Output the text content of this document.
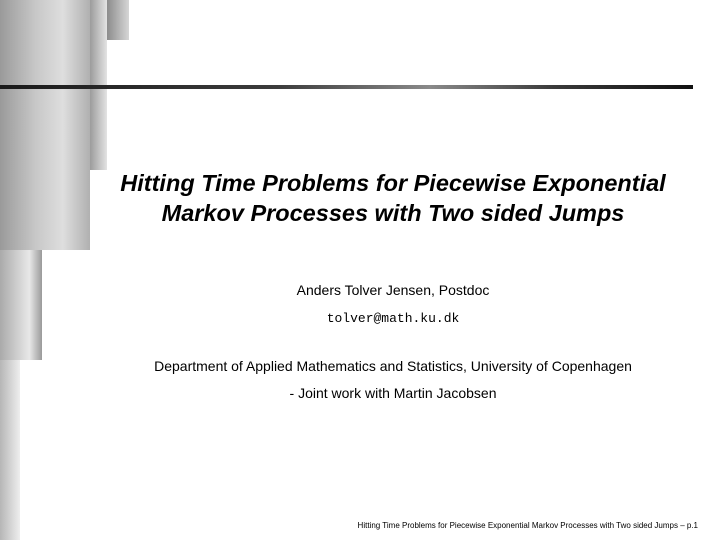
Hitting Time Problems for Piecewise Exponential Markov Processes with Two sided Jumps

Anders Tolver Jensen, Postdoc

tolver@math.ku.dk

Department of Applied Mathematics and Statistics, University of Copenhagen

- Joint work with Martin Jacobsen

Hitting Time Problems for Piecewise Exponential Markov Processes with Two sided Jumps – p.1
